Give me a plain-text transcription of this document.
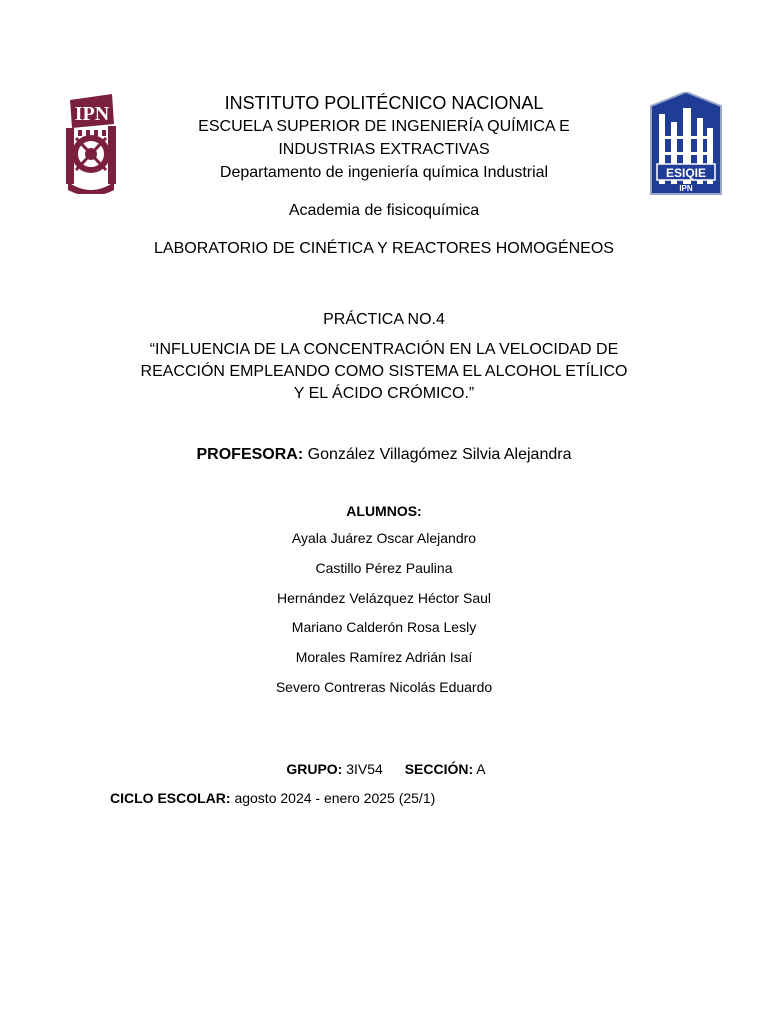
IPN
ESIQIE
IPN
INSTITUTO POLITÉCNICO NACIONAL
ESCUELA SUPERIOR DE INGENIERÍA QUÍMICA E
INDUSTRIAS EXTRACTIVAS
Departamento de ingeniería química Industrial
Academia de fisicoquímica
LABORATORIO DE CINÉTICA Y REACTORES HOMOGÉNEOS
PRÁCTICA NO.4
“INFLUENCIA DE LA CONCENTRACIÓN EN LA VELOCIDAD DE
REACCIÓN EMPLEANDO COMO SISTEMA EL ALCOHOL ETÍLICO
Y EL ÁCIDO CRÓMICO.”
PROFESORA: González Villagómez Silvia Alejandra
ALUMNOS:
Ayala Juárez Oscar Alejandro
Castillo Pérez Paulina
Hernández Velázquez Héctor Saul
Mariano Calderón Rosa Lesly
Morales Ramírez Adrián Isaí
Severo Contreras Nicolás Eduardo
GRUPO: 3IV54 SECCIÓN: A
CICLO ESCOLAR: agosto 2024 - enero 2025 (25/1)
